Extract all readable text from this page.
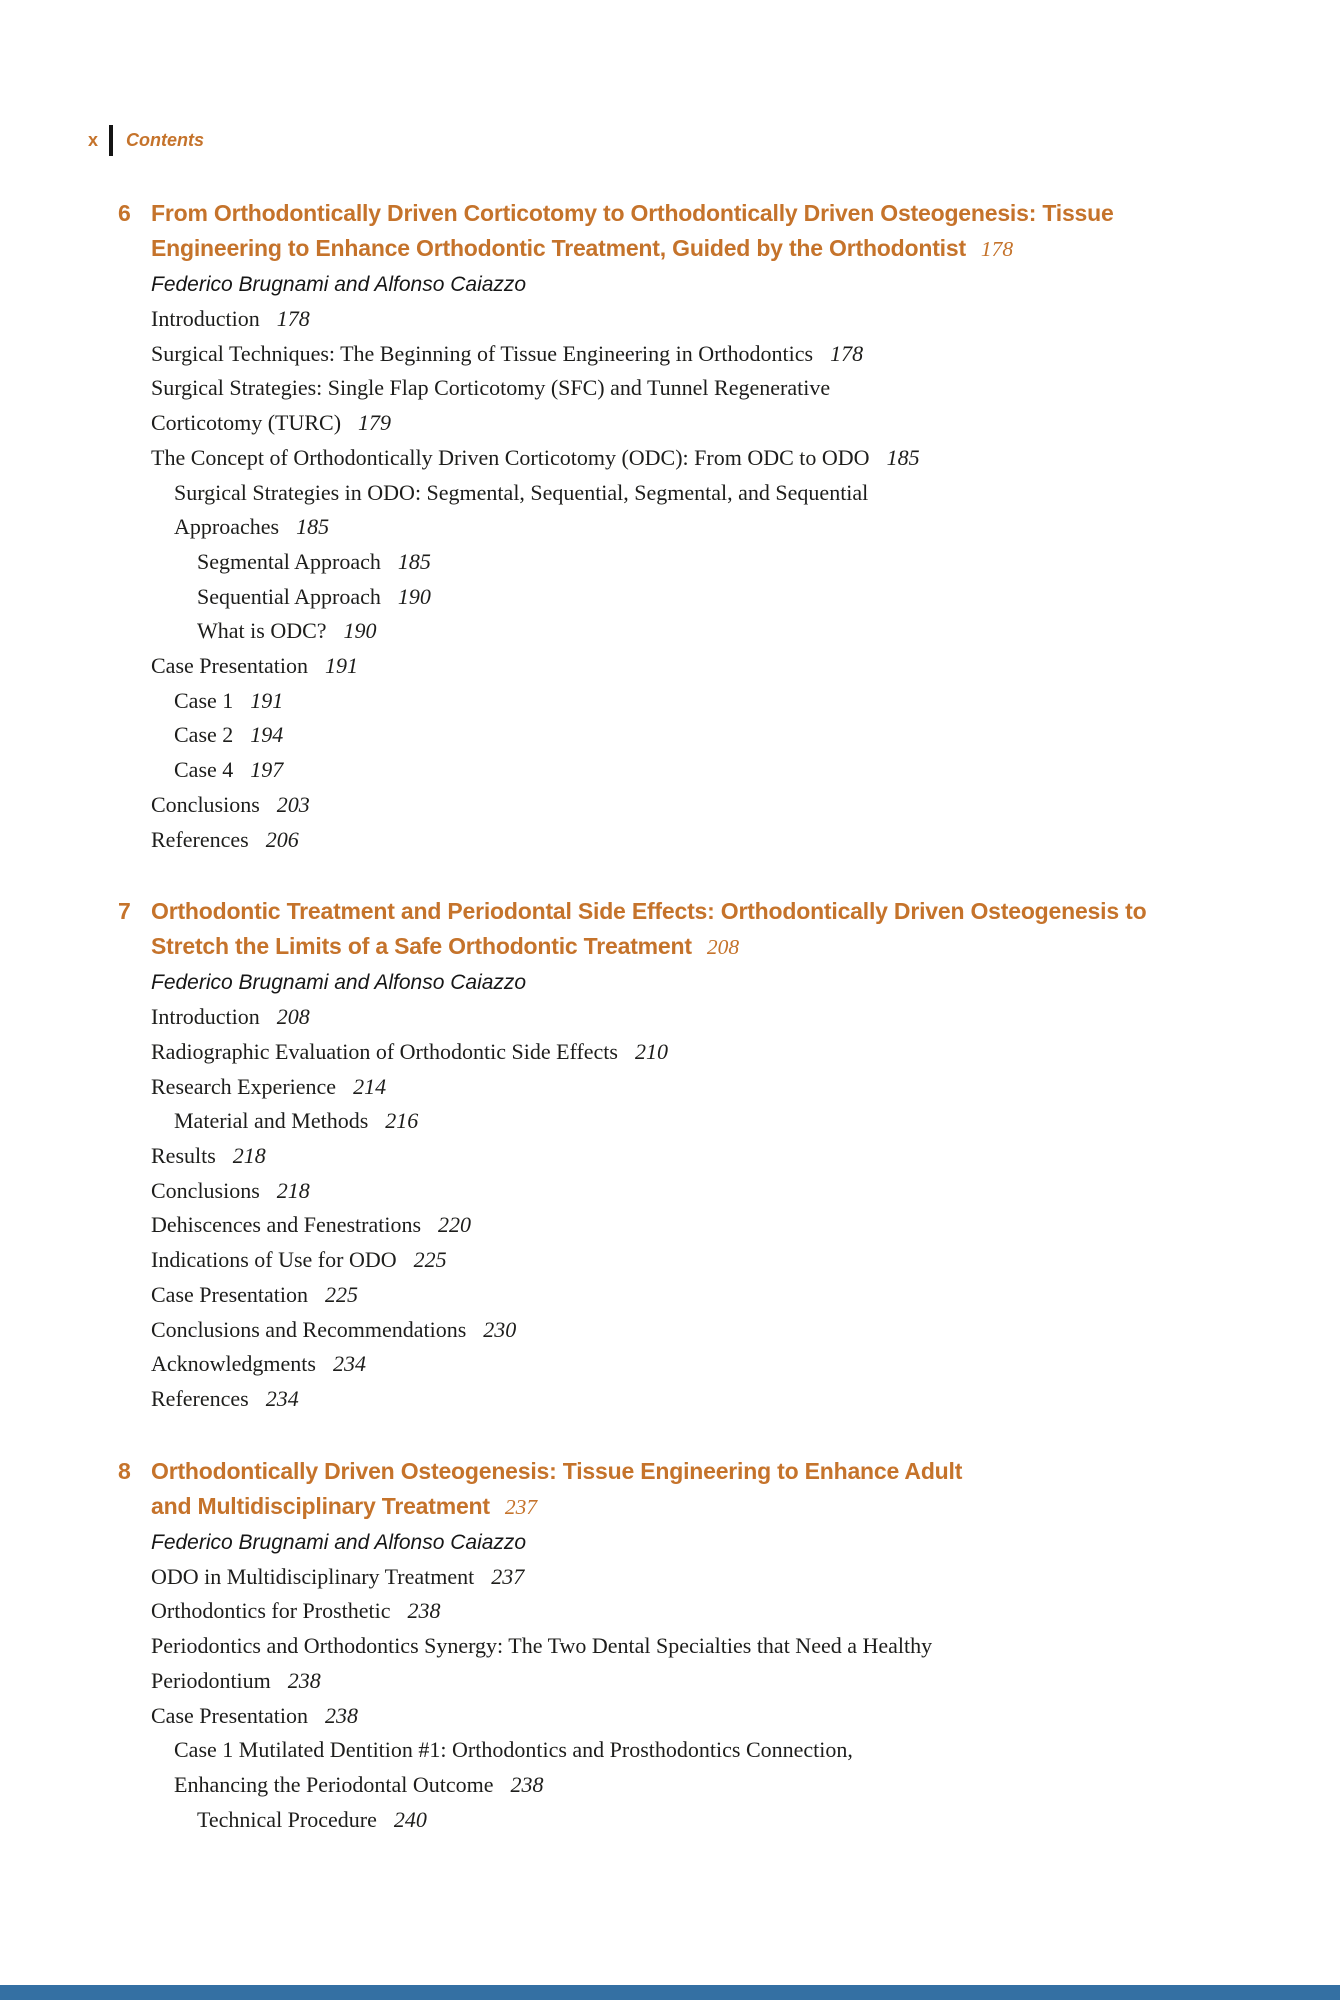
x Contents
6 From Orthodontically Driven Corticotomy to Orthodontically Driven Osteogenesis: Tissue
Engineering to Enhance Orthodontic Treatment, Guided by the Orthodontist 178
Federico Brugnami and Alfonso Caiazzo
Introduction 178
Surgical Techniques: The Beginning of Tissue Engineering in Orthodontics 178
Surgical Strategies: Single Flap Corticotomy (SFC) and Tunnel Regenerative
Corticotomy (TURC) 179
The Concept of Orthodontically Driven Corticotomy (ODC): From ODC to ODO 185
Surgical Strategies in ODO: Segmental, Sequential, Segmental, and Sequential
Approaches 185
Segmental Approach 185
Sequential Approach 190
What is ODC? 190
Case Presentation 191
Case 1 191
Case 2 194
Case 4 197
Conclusions 203
References 206
7 Orthodontic Treatment and Periodontal Side Effects: Orthodontically Driven Osteogenesis to
Stretch the Limits of a Safe Orthodontic Treatment 208
Federico Brugnami and Alfonso Caiazzo
Introduction 208
Radiographic Evaluation of Orthodontic Side Effects 210
Research Experience 214
Material and Methods 216
Results 218
Conclusions 218
Dehiscences and Fenestrations 220
Indications of Use for ODO 225
Case Presentation 225
Conclusions and Recommendations 230
Acknowledgments 234
References 234
8 Orthodontically Driven Osteogenesis: Tissue Engineering to Enhance Adult
and Multidisciplinary Treatment 237
Federico Brugnami and Alfonso Caiazzo
ODO in Multidisciplinary Treatment 237
Orthodontics for Prosthetic 238
Periodontics and Orthodontics Synergy: The Two Dental Specialties that Need a Healthy
Periodontium 238
Case Presentation 238
Case 1 Mutilated Dentition #1: Orthodontics and Prosthodontics Connection,
Enhancing the Periodontal Outcome 238
Technical Procedure 240
